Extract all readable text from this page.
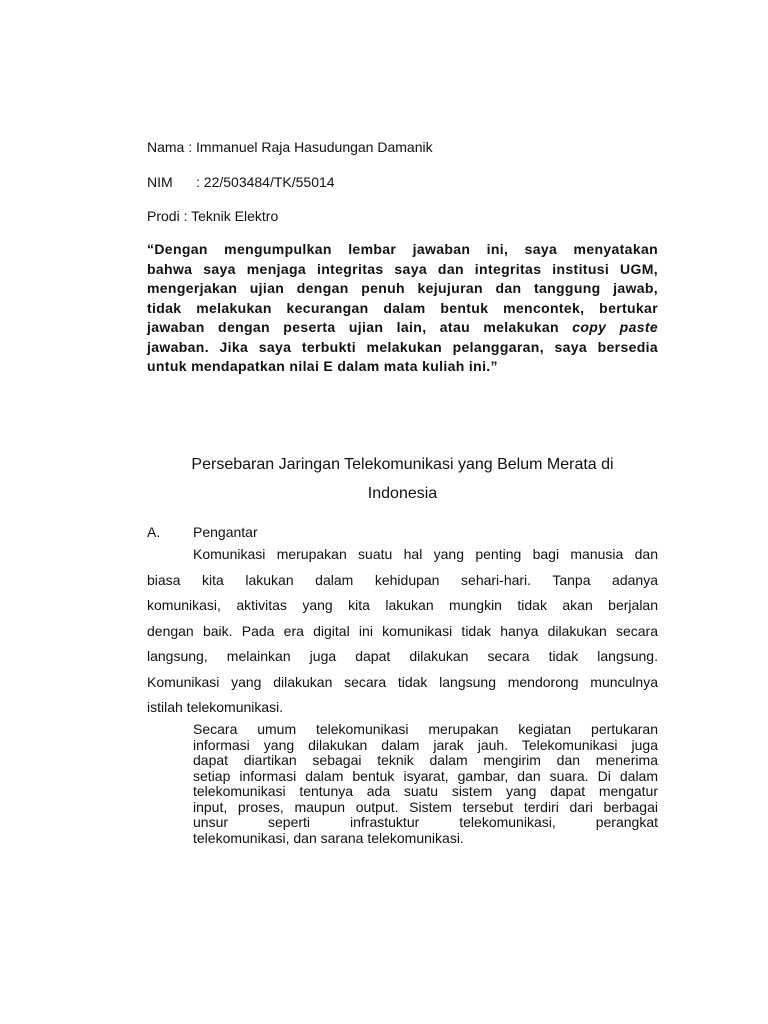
Nama : Immanuel Raja Hasudungan Damanik
NIM : 22/503484/TK/55014
Prodi : Teknik Elektro
“Dengan mengumpulkan lembar jawaban ini, saya menyatakan
bahwa saya menjaga integritas saya dan integritas institusi UGM,
mengerjakan ujian dengan penuh kejujuran dan tanggung jawab,
tidak melakukan kecurangan dalam bentuk mencontek, bertukar
jawaban dengan peserta ujian lain, atau melakukan copy paste
jawaban. Jika saya terbukti melakukan pelanggaran, saya bersedia
untuk mendapatkan nilai E dalam mata kuliah ini.”
Persebaran Jaringan Telekomunikasi yang Belum Merata di
Indonesia
A. Pengantar
Komunikasi merupakan suatu hal yang penting bagi manusia dan
biasa kita lakukan dalam kehidupan sehari-hari. Tanpa adanya
komunikasi, aktivitas yang kita lakukan mungkin tidak akan berjalan
dengan baik. Pada era digital ini komunikasi tidak hanya dilakukan secara
langsung, melainkan juga dapat dilakukan secara tidak langsung.
Komunikasi yang dilakukan secara tidak langsung mendorong munculnya
istilah telekomunikasi.
Secara umum telekomunikasi merupakan kegiatan pertukaran
informasi yang dilakukan dalam jarak jauh. Telekomunikasi juga
dapat diartikan sebagai teknik dalam mengirim dan menerima
setiap informasi dalam bentuk isyarat, gambar, dan suara. Di dalam
telekomunikasi tentunya ada suatu sistem yang dapat mengatur
input, proses, maupun output. Sistem tersebut terdiri dari berbagai
unsur seperti infrastuktur telekomunikasi, perangkat
telekomunikasi, dan sarana telekomunikasi.
